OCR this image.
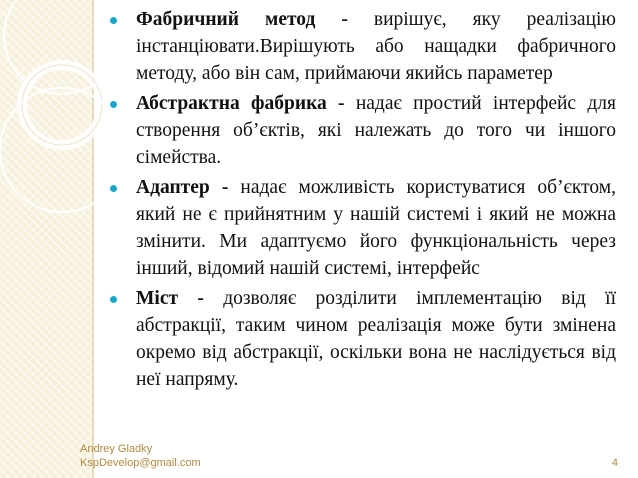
Фабричний метод - вирішує, яку реалізацію інстанціювати.Вирішують або нащадки фабричного методу, або він сам, приймаючи якийсь параметер
Абстрактна фабрика - надає простий інтерфейс для створення об’єктів, які належать до того чи іншого сімейства.
Адаптер - надає можливість користуватися об’єктом, який не є прийнятним у нашій системі і який не можна змінити. Ми адаптуємо його функціональність через інший, відомий нашій системі, інтерфейс
Міст - дозволяє розділити імплементацію від її абстракції, таким чином реалізація може бути змінена окремо від абстракції, оскільки вона не наслідується від неї напряму.
Andrey Gladky
KspDevelop@gmail.com	4
